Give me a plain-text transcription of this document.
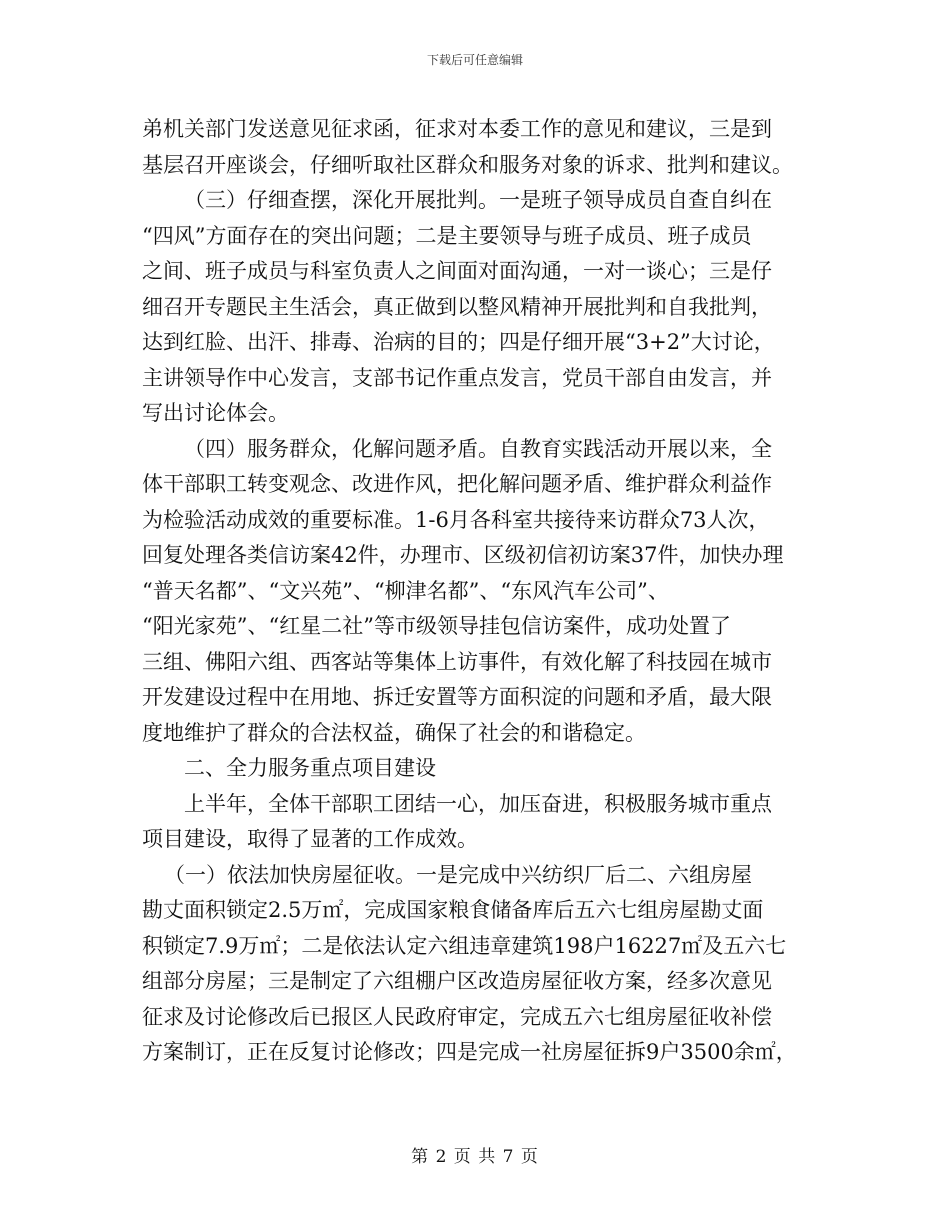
下载后可任意编辑
弟机关部门发送意见征求函，征求对本委工作的意见和建议，三是到
基层召开座谈会，仔细听取社区群众和服务对象的诉求、批判和建议。
（三）仔细查摆，深化开展批判。一是班子领导成员自查自纠在
“四风”方面存在的突出问题；二是主要领导与班子成员、班子成员
之间、班子成员与科室负责人之间面对面沟通，一对一谈心；三是仔
细召开专题民主生活会，真正做到以整风精神开展批判和自我批判，
达到红脸、出汗、排毒、治病的目的；四是仔细开展“3+2”大讨论，
主讲领导作中心发言，支部书记作重点发言，党员干部自由发言，并
写出讨论体会。
（四）服务群众，化解问题矛盾。自教育实践活动开展以来，全
体干部职工转变观念、改进作风，把化解问题矛盾、维护群众利益作
为检验活动成效的重要标准。1-6月各科室共接待来访群众73人次，
回复处理各类信访案42件，办理市、区级初信初访案37件，加快办理
“普天名都”、“文兴苑”、“柳津名都”、“东风汽车公司”、
“阳光家苑”、“红星二社”等市级领导挂包信访案件，成功处置了
三组、佛阳六组、西客站等集体上访事件，有效化解了科技园在城市
开发建设过程中在用地、拆迁安置等方面积淀的问题和矛盾，最大限
度地维护了群众的合法权益，确保了社会的和谐稳定。
二、全力服务重点项目建设
上半年，全体干部职工团结一心，加压奋进，积极服务城市重点
项目建设，取得了显著的工作成效。
（一）依法加快房屋征收。一是完成中兴纺织厂后二、六组房屋
勘丈面积锁定2.5万㎡，完成国家粮食储备库后五六七组房屋勘丈面
积锁定7.9万㎡；二是依法认定六组违章建筑198户16227㎡及五六七
组部分房屋；三是制定了六组棚户区改造房屋征收方案，经多次意见
征求及讨论修改后已报区人民政府审定，完成五六七组房屋征收补偿
方案制订，正在反复讨论修改；四是完成一社房屋征拆9户3500余㎡，
第 2 页 共 7 页
